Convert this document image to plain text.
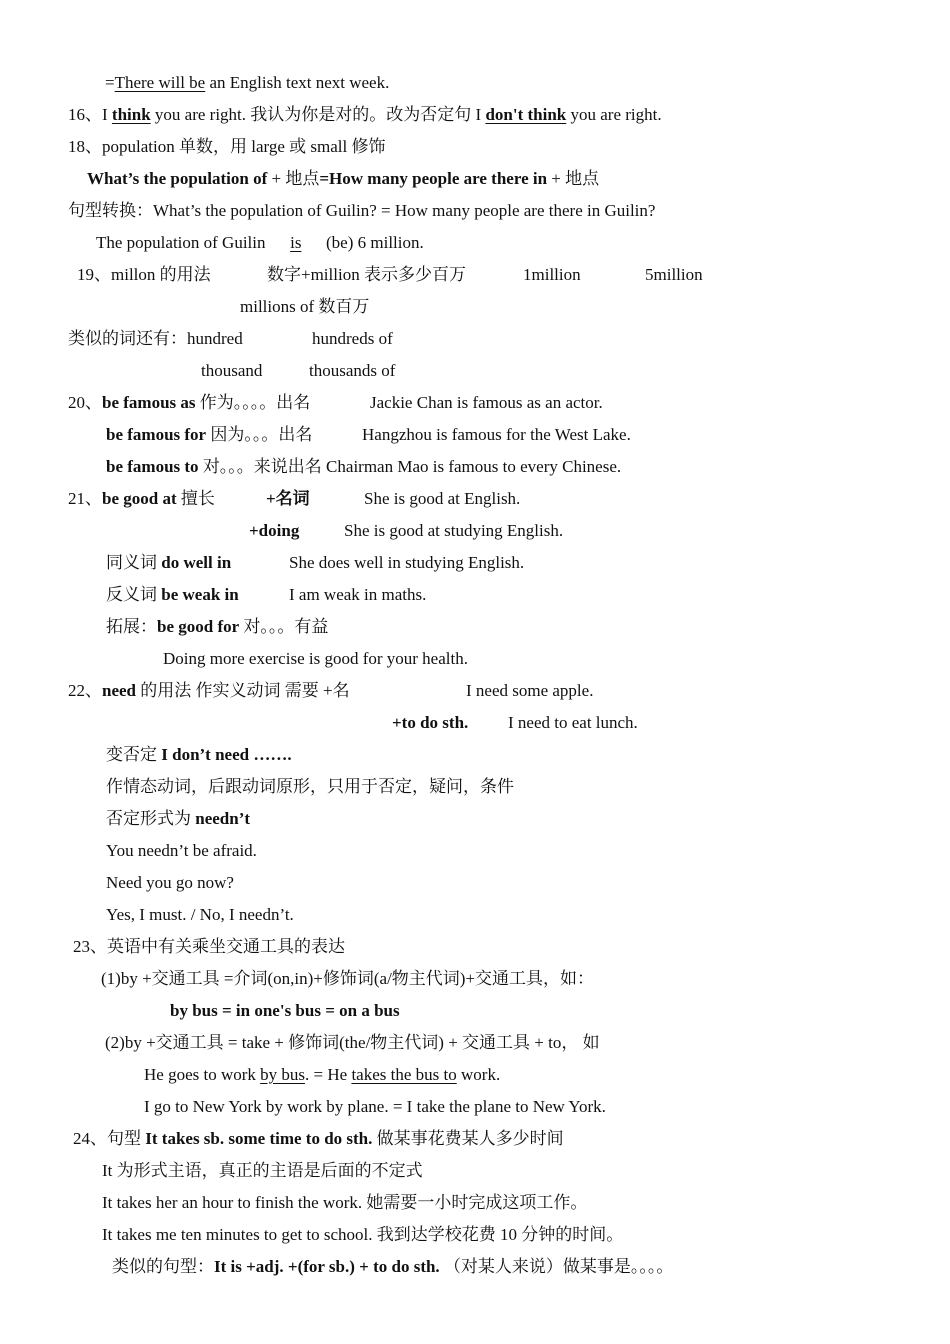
=There will be an English text next week.
16、I think you are right. 我认为你是对的。改为否定句 I don't think you are right.
18、population 单数，用 large 或 small 修饰
What’s the population of + 地点=How many people are there in + 地点
句型转换：What’s the population of Guilin? = How many people are there in Guilin?
The population of Guilin is (be) 6 million.
19、millon 的用法	数字+million 表示多少百万	1million	5million
millions of 数百万
类似的词还有：hundred	hundreds of
thousand	thousands of
20、be famous as 作为。。。。出名	Jackie Chan is famous as an actor.
be famous for 因为。。。出名	Hangzhou is famous for the West Lake.
be famous to 对。。。来说出名 Chairman Mao is famous to every Chinese.
21、be good at 擅长	+名词	She is good at English.
+doing	She is good at studying English.
同义词 do well in	She does well in studying English.
反义词 be weak in	I am weak in maths.
拓展：be good for 对。。。有益
Doing more exercise is good for your health.
22、need 的用法 作实义动词 需要 +名	I need some apple.
+to do sth. I need to eat lunch.
变否定 I don’t need …….
作情态动词，后跟动词原形，只用于否定，疑问，条件
否定形式为 needn’t
You needn’t be afraid.
Need you go now?
Yes, I must. / No, I needn’t.
23、英语中有关乘坐交通工具的表达
(1)by +交通工具 =介词(on,in)+修饰词(a/物主代词)+交通工具，如：
by bus = in one's bus = on a bus
(2)by +交通工具 = take + 修饰词(the/物主代词) + 交通工具 + to， 如
He goes to work by bus. = He takes the bus to work.
I go to New York by work by plane. = I take the plane to New York.
24、句型 It takes sb. some time to do sth. 做某事花费某人多少时间
It 为形式主语，真正的主语是后面的不定式
It takes her an hour to finish the work. 她需要一小时完成这项工作。
It takes me ten minutes to get to school. 我到达学校花费 10 分钟的时间。
类似的句型：It is +adj. +(for sb.) + to do sth. （对某人来说）做某事是。。。。
